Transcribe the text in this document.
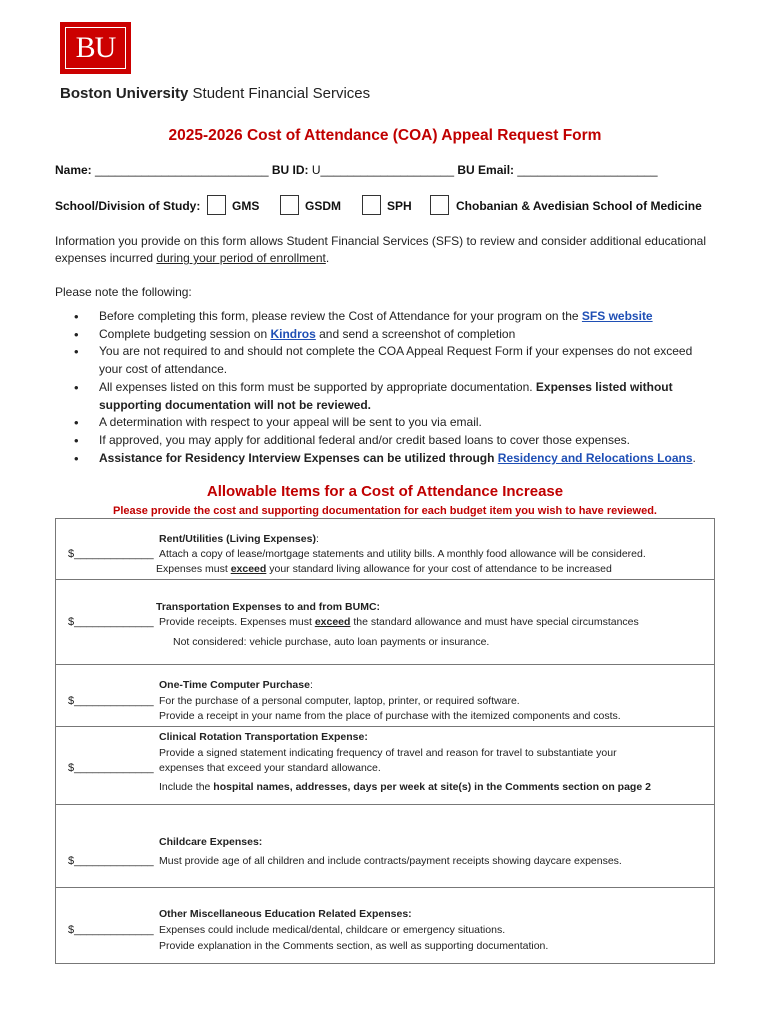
BU
Boston University Student Financial Services
2025-2026 Cost of Attendance (COA) Appeal Request Form
Name: __________________________ BU ID: U____________________ BU Email: _____________________
School/Division of Study:	GMS	GSDM	SPH	Chobanian & Avedisian School of Medicine
Information you provide on this form allows Student Financial Services (SFS) to review and consider additional educational expenses incurred during your period of enrollment.
Please note the following:
• Before completing this form, please review the Cost of Attendance for your program on the SFS website
• Complete budgeting session on Kindros and send a screenshot of completion
• You are not required to and should not complete the COA Appeal Request Form if your expenses do not exceed your cost of attendance.
• All expenses listed on this form must be supported by appropriate documentation. Expenses listed without supporting documentation will not be reviewed.
• A determination with respect to your appeal will be sent to you via email.
• If approved, you may apply for additional federal and/or credit based loans to cover those expenses.
• Assistance for Residency Interview Expenses can be utilized through Residency and Relocations Loans.
Allowable Items for a Cost of Attendance Increase
Please provide the cost and supporting documentation for each budget item you wish to have reviewed.
Rent/Utilities (Living Expenses):
$_____________ Attach a copy of lease/mortgage statements and utility bills. A monthly food allowance will be considered.
Expenses must exceed your standard living allowance for your cost of attendance to be increased
Transportation Expenses to and from BUMC:
$_____________ Provide receipts. Expenses must exceed the standard allowance and must have special circumstances
Not considered: vehicle purchase, auto loan payments or insurance.
One-Time Computer Purchase:
$_____________ For the purchase of a personal computer, laptop, printer, or required software.
Provide a receipt in your name from the place of purchase with the itemized components and costs.
Clinical Rotation Transportation Expense:
Provide a signed statement indicating frequency of travel and reason for travel to substantiate your
$_____________ expenses that exceed your standard allowance.
Include the hospital names, addresses, days per week at site(s) in the Comments section on page 2
Childcare Expenses:
$_____________ Must provide age of all children and include contracts/payment receipts showing daycare expenses.
Other Miscellaneous Education Related Expenses:
$_____________ Expenses could include medical/dental, childcare or emergency situations.
Provide explanation in the Comments section, as well as supporting documentation.
